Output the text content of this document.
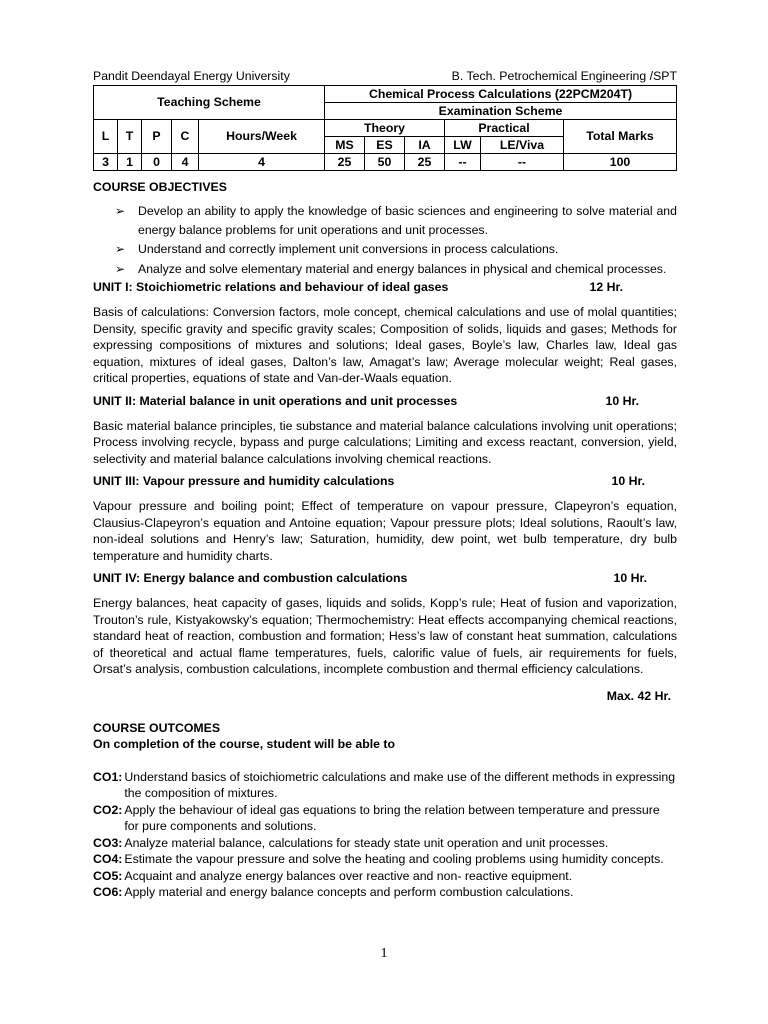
Pandit Deendayal Energy University	B. Tech. Petrochemical Engineering /SPT
Teaching Scheme					Chemical Process Calculations (22PCM204T)					
					Examination Scheme					
L	T	P	C	Hours/Week	Theory			Practical		Total Marks
					MS	ES	IA	LW	LE/Viva	
3	1	0	4	4	25	50	25	--	--	100
COURSE OBJECTIVES
➢ Develop an ability to apply the knowledge of basic sciences and engineering to solve material and energy balance problems for unit operations and unit processes.
➢ Understand and correctly implement unit conversions in process calculations.
➢ Analyze and solve elementary material and energy balances in physical and chemical processes.
UNIT I: Stoichiometric relations and behaviour of ideal gases	12 Hr.
Basis of calculations: Conversion factors, mole concept, chemical calculations and use of molal quantities; Density, specific gravity and specific gravity scales; Composition of solids, liquids and gases; Methods for expressing compositions of mixtures and solutions; Ideal gases, Boyle’s law, Charles law, Ideal gas equation, mixtures of ideal gases, Dalton’s law, Amagat’s law; Average molecular weight; Real gases, critical properties, equations of state and Van-der-Waals equation.
UNIT II: Material balance in unit operations and unit processes	10 Hr.
Basic material balance principles, tie substance and material balance calculations involving unit operations; Process involving recycle, bypass and purge calculations; Limiting and excess reactant, conversion, yield, selectivity and material balance calculations involving chemical reactions.
UNIT III: Vapour pressure and humidity calculations	10 Hr.
Vapour pressure and boiling point; Effect of temperature on vapour pressure, Clapeyron’s equation, Clausius-Clapeyron’s equation and Antoine equation; Vapour pressure plots; Ideal solutions, Raoult’s law, non-ideal solutions and Henry’s law; Saturation, humidity, dew point, wet bulb temperature, dry bulb temperature and humidity charts.
UNIT IV: Energy balance and combustion calculations	10 Hr.
Energy balances, heat capacity of gases, liquids and solids, Kopp’s rule; Heat of fusion and vaporization, Trouton’s rule, Kistyakowsky’s equation; Thermochemistry: Heat effects accompanying chemical reactions, standard heat of reaction, combustion and formation; Hess’s law of constant heat summation, calculations of theoretical and actual flame temperatures, fuels, calorific value of fuels, air requirements for fuels, Orsat’s analysis, combustion calculations, incomplete combustion and thermal efficiency calculations.
Max. 42 Hr.
COURSE OUTCOMES
On completion of the course, student will be able to
CO1: Understand basics of stoichiometric calculations and make use of the different methods in expressing the composition of mixtures.
CO2: Apply the behaviour of ideal gas equations to bring the relation between temperature and pressure for pure components and solutions.
CO3: Analyze material balance, calculations for steady state unit operation and unit processes.
CO4: Estimate the vapour pressure and solve the heating and cooling problems using humidity concepts.
CO5: Acquaint and analyze energy balances over reactive and non- reactive equipment.
CO6: Apply material and energy balance concepts and perform combustion calculations.
1
